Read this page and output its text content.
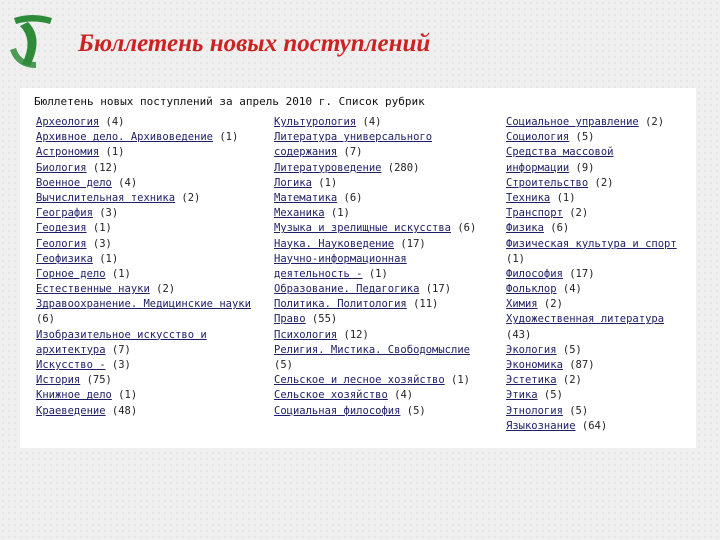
Бюллетень новых поступлений
Бюллетень новых поступлений за апрель 2010 г. Список рубрик
Археология (4)
Архивное дело. Архивоведение (1)
Астрономия (1)
Биология (12)
Военное дело (4)
Вычислительная техника (2)
География (3)
Геодезия (1)
Геология (3)
Геофизика (1)
Горное дело (1)
Естественные науки (2)
Здравоохранение. Медицинские науки
(6)
Изобразительное искусство и
архитектура (7)
Искусство - (3)
История (75)
Книжное дело (1)
Краеведение (48)
Культурология (4)
Литература универсального
содержания (7)
Литературоведение (280)
Логика (1)
Математика (6)
Механика (1)
Музыка и зрелищные искусства (6)
Наука. Науковедение (17)
Научно-информационная
деятельность - (1)
Образование. Педагогика (17)
Политика. Политология (11)
Право (55)
Психология (12)
Религия. Мистика. Свободомыслие
(5)
Сельское и лесное хозяйство (1)
Сельское хозяйство (4)
Социальная философия (5)
Социальное управление (2)
Социология (5)
Средства массовой
информации (9)
Строительство (2)
Техника (1)
Транспорт (2)
Физика (6)
Физическая культура и спорт
(1)
Философия (17)
Фольклор (4)
Химия (2)
Художественная литература
(43)
Экология (5)
Экономика (87)
Эстетика (2)
Этика (5)
Этнология (5)
Языкознание (64)
